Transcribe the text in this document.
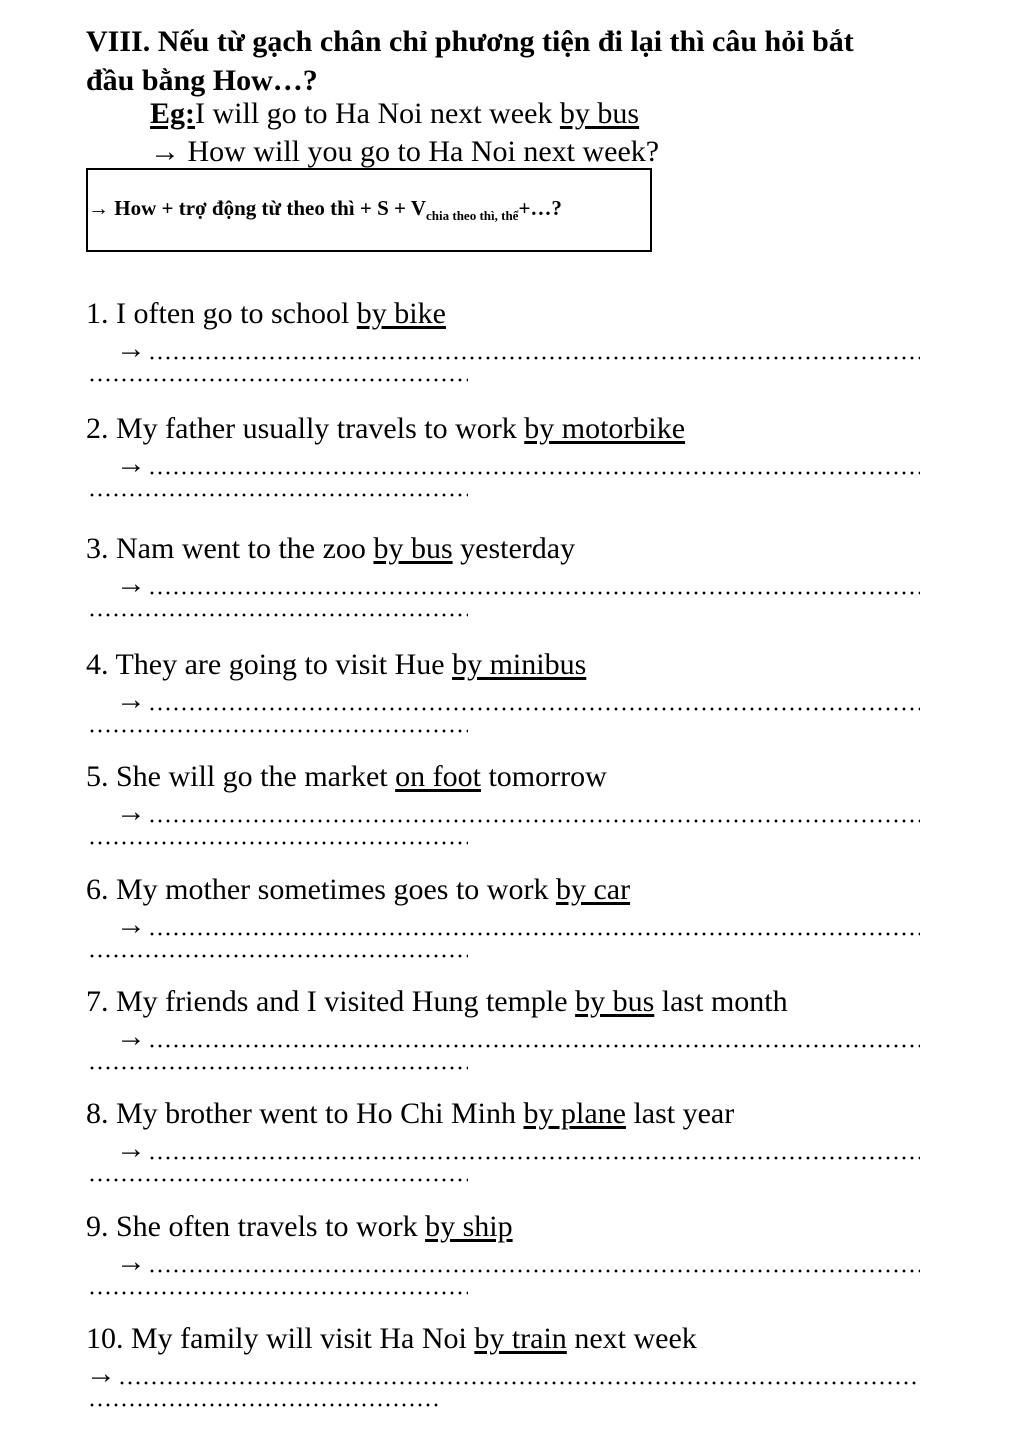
VIII. Nếu từ gạch chân chỉ phương tiện đi lại thì câu hỏi bắt
đầu bằng How…?
Eg:I will go to Ha Noi next week by bus
→ How will you go to Ha Noi next week?
→ How + trợ động từ theo thì + $S + V_{chia theo thì, thể}+\dots$?
1. I often go to school by bike
→
2. My father usually travels to work by motorbike
→
3. Nam went to the zoo by bus yesterday
→
4. They are going to visit Hue by minibus
→
5. She will go the market on foot tomorrow
→
6. My mother sometimes goes to work by car
→
7. My friends and I visited Hung temple by bus last month
→
8. My brother went to Ho Chi Minh by plane last year
→
9. She often travels to work by ship
→
10. My family will visit Ha Noi by train next week
→
